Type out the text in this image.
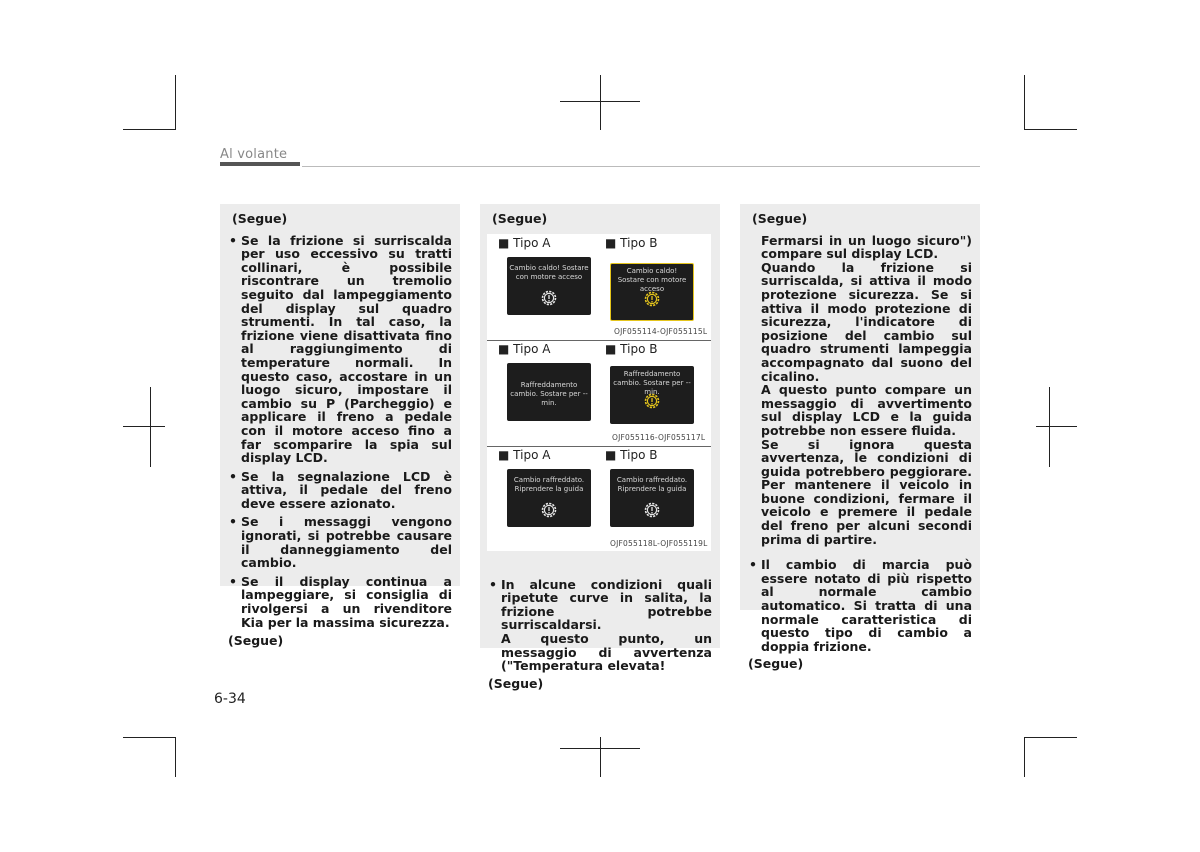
Al volante
(Segue)
• Se la frizione si surriscalda per uso eccessivo su tratti collinari, è possibile riscontrare un tremolio seguito dal lampeggiamento del display sul quadro strumenti. In tal caso, la frizione viene disattivata fino al raggiungimento di temperature normali. In questo caso, accostare in un luogo sicuro, impostare il cambio su P (Parcheggio) e applicare il freno a pedale con il motore acceso fino a far scomparire la spia sul display LCD.
• Se la segnalazione LCD è attiva, il pedale del freno deve essere azionato.
• Se i messaggi vengono ignorati, si potrebbe causare il danneggiamento del cambio.
• Se il display continua a lampeggiare, si consiglia di rivolgersi a un rivenditore Kia per la massima sicurezza.
(Segue)
(Segue)
• In alcune condizioni quali ripetute curve in salita, la frizione potrebbe surriscaldarsi.
A questo punto, un messaggio di avvertenza ("Temperatura elevata!
(Segue)
■ Tipo A	■ Tipo B
Cambio caldo! Sostare con motore acceso
Cambio caldo! Sostare con motore acceso
OJF055114-OJF055115L
■ Tipo A	■ Tipo B
Raffreddamento cambio. Sostare per -- min.
Raffreddamento cambio. Sostare per -- min.
OJF055116-OJF055117L
■ Tipo A	■ Tipo B
Cambio raffreddato. Riprendere la guida
Cambio raffreddato. Riprendere la guida
OJF055118L-OJF055119L
(Segue)
Fermarsi in un luogo sicuro") compare sul display LCD.
Quando la frizione si surriscalda, si attiva il modo protezione sicurezza. Se si attiva il modo protezione di sicurezza, l'indicatore di posizione del cambio sul quadro strumenti lampeggia accompagnato dal suono del cicalino.
A questo punto compare un messaggio di avvertimento sul display LCD e la guida potrebbe non essere fluida.
Se si ignora questa avvertenza, le condizioni di guida potrebbero peggiorare. Per mantenere il veicolo in buone condizioni, fermare il veicolo e premere il pedale del freno per alcuni secondi prima di partire.
• Il cambio di marcia può essere notato di più rispetto al normale cambio automatico. Si tratta di una normale caratteristica di questo tipo di cambio a doppia frizione.
(Segue)
6-34
